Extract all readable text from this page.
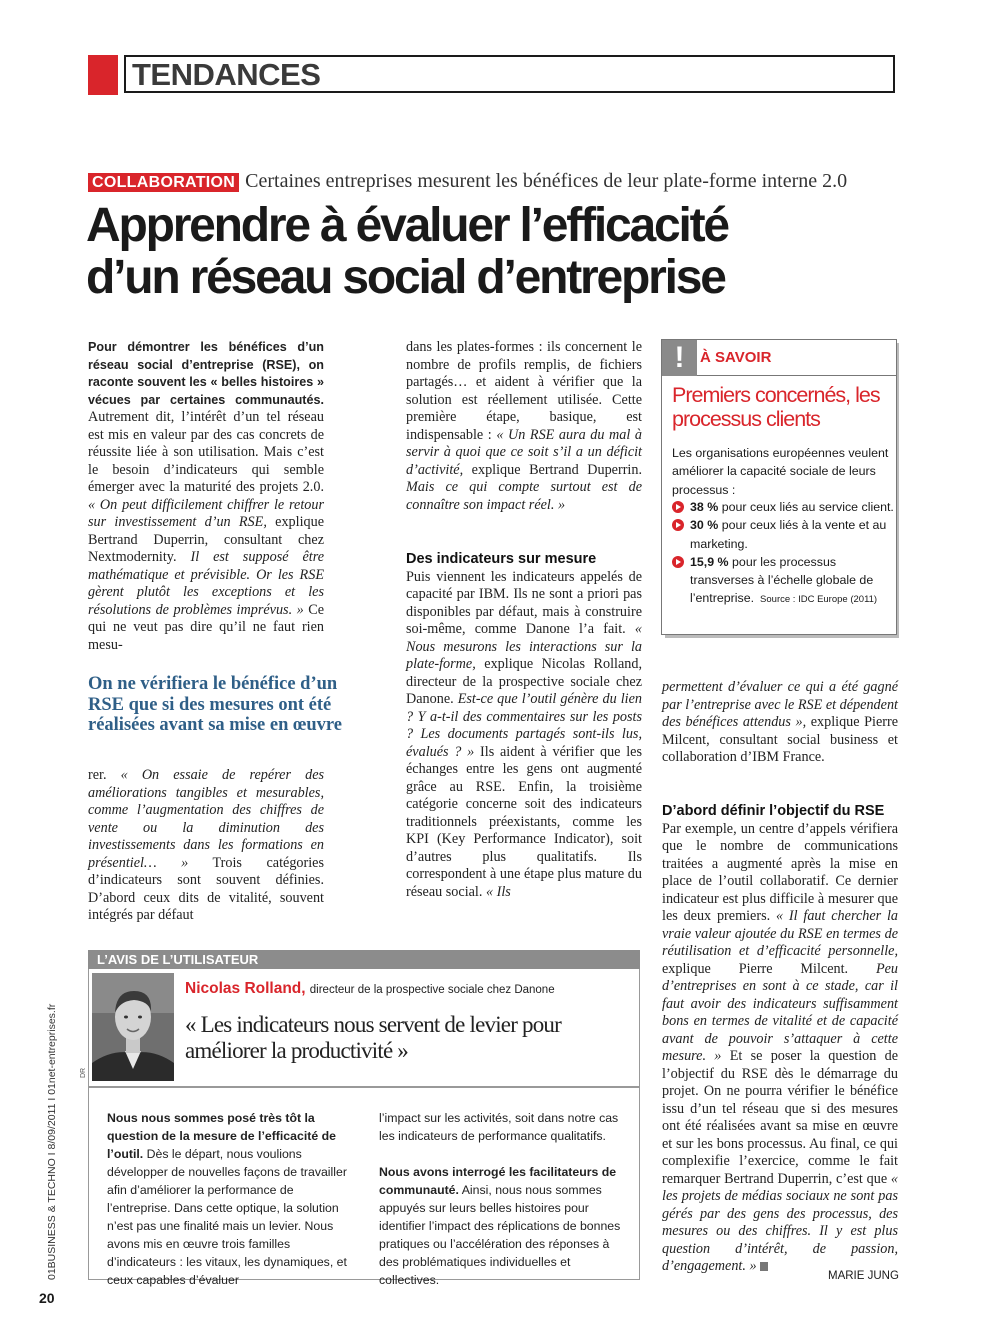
TENDANCES
COLLABORATION Certaines entreprises mesurent les bénéfices de leur plate-forme interne 2.0
Apprendre à évaluer l’efficacité
d’un réseau social d’entreprise

Pour démontrer les bénéfices d’un réseau social d’entreprise (RSE), on raconte souvent les « belles histoires » vécues par certaines communautés. Autrement dit, l’intérêt d’un tel réseau est mis en valeur par des cas concrets de réussite liée à son utilisation. Mais c’est le besoin d’indicateurs qui semble émerger avec la maturité des projets 2.0. « On peut difficilement chiffrer le retour sur investissement d’un RSE, explique Bertrand Duperrin, consultant chez Nextmodernity. Il est supposé être mathématique et prévisible. Or les RSE gèrent plutôt les exceptions et les résolutions de problèmes imprévus. » Ce qui ne veut pas dire qu’il ne faut rien mesu-

On ne vérifiera le bénéfice d’un RSE que si des mesures ont été réalisées avant sa mise en œuvre

rer. « On essaie de repérer des améliorations tangibles et mesurables, comme l’augmentation des chiffres de vente ou la diminution des investissements dans les formations en présentiel… » Trois catégories d’indicateurs sont souvent définies. D’abord ceux dits de vitalité, souvent intégrés par défaut

dans les plates-formes : ils concernent le nombre de profils remplis, de fichiers partagés… et aident à vérifier que la solution est réellement utilisée. Cette première étape, basique, est indispensable : « Un RSE aura du mal à servir à quoi que ce soit s’il a un déficit d’activité, explique Bertrand Duperrin. Mais ce qui compte surtout est de connaître son impact réel. »

Des indicateurs sur mesure

Puis viennent les indicateurs appelés de capacité par IBM. Ils ne sont a priori pas disponibles par défaut, mais à construire soi-même, comme Danone l’a fait. « Nous mesurons les interactions sur la plate-forme, explique Nicolas Rolland, directeur de la prospective sociale chez Danone. Est-ce que l’outil génère du lien ? Y a-t-il des commentaires sur les posts ? Les documents partagés sont-ils lus, évalués ? » Ils aident à vérifier que les échanges entre les gens ont augmenté grâce au RSE. Enfin, la troisième catégorie concerne soit des indicateurs traditionnels préexistants, comme les KPI (Key Performance Indicator), soit d’autres plus qualitatifs. Ils correspondent à une étape plus mature du réseau social. « Ils

!	À SAVOIR
Premiers concernés, les processus clients
Les organisations européennes veulent améliorer la capacité sociale de leurs processus :
38 % pour ceux liés au service client.
30 % pour ceux liés à la vente et au marketing.
15,9 % pour les processus transverses à l’échelle globale de l’entreprise. Source : IDC Europe (2011)

permettent d’évaluer ce qui a été gagné par l’entreprise avec le RSE et dépendent des bénéfices attendus », explique Pierre Milcent, consultant social business et collaboration d’IBM France.

D’abord définir l’objectif du RSE

Par exemple, un centre d’appels vérifiera que le nombre de communications traitées a augmenté après la mise en place de l’outil collaboratif. Ce dernier indicateur est plus difficile à mesurer que les deux premiers. « Il faut chercher la vraie valeur ajoutée du RSE en termes de réutilisation et d’efficacité personnelle, explique Pierre Milcent. Peu d’entreprises en sont à ce stade, car il faut avoir des indicateurs suffisamment bons en termes de vitalité et de capacité avant de pouvoir s’attaquer à cette mesure. » Et se poser la question de l’objectif du RSE dès le démarrage du projet. On ne pourra vérifier le bénéfice issu d’un tel réseau que si des mesures ont été réalisées avant sa mise en œuvre et sur les bons processus. Au final, ce qui complexifie l’exercice, comme le fait remarquer Bertrand Duperrin, c’est que « les projets de médias sociaux ne sont pas gérés par des gens des processus, des mesures ou des chiffres. Il y est plus question d’intérêt, de passion, d’engagement. »

MARIE JUNG
L’AVIS DE L’UTILISATEUR
DR
Nicolas Rolland, directeur de la prospective sociale chez Danone
« Les indicateurs nous servent de levier pour améliorer la productivité »
Nous nous sommes posé très tôt la question de la mesure de l’efficacité de l’outil. Dès le départ, nous voulions développer de nouvelles façons de travailler afin d’améliorer la performance de l’entreprise. Dans cette optique, la solution n’est pas une finalité mais un levier. Nous avons mis en œuvre trois familles d’indicateurs : les vitaux, les dynamiques, et ceux capables d’évaluer
l’impact sur les activités, soit dans notre cas les indicateurs de performance qualitatifs.
Nous avons interrogé les facilitateurs de communauté. Ainsi, nous nous sommes appuyés sur leurs belles histoires pour identifier l’impact des réplications de bonnes pratiques ou l’accélération des réponses à des problématiques individuelles et collectives.
01BUSINESS & TECHNO I 8/09/2011 I 01net-entreprises.fr
20
